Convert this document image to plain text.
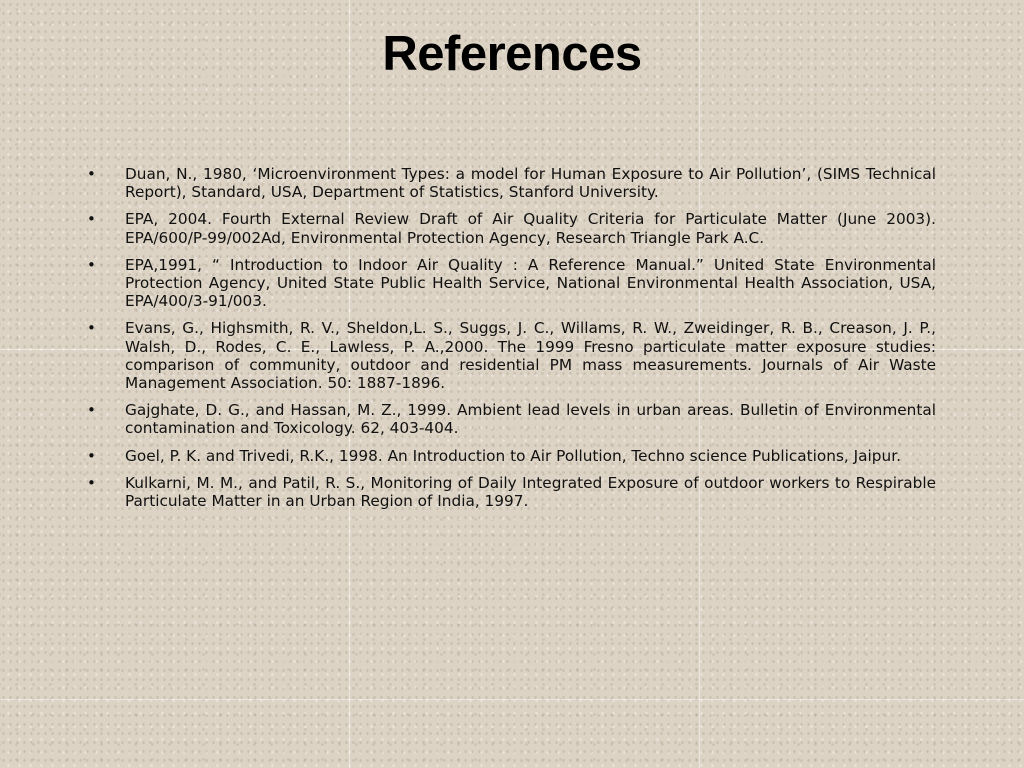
References
• Duan, N., 1980, ‘Microenvironment Types: a model for Human Exposure to Air Pollution’, (SIMS Technical Report), Standard, USA, Department of Statistics, Stanford University.
• EPA, 2004. Fourth External Review Draft of Air Quality Criteria for Particulate Matter (June 2003). EPA/600/P-99/002Ad, Environmental Protection Agency, Research Triangle Park A.C.
• EPA,1991, “ Introduction to Indoor Air Quality : A Reference Manual.” United State Environmental Protection Agency, United State Public Health Service, National Environmental Health Association, USA, EPA/400/3-91/003.
• Evans, G., Highsmith, R. V., Sheldon,L. S., Suggs, J. C., Willams, R. W., Zweidinger, R. B., Creason, J. P., Walsh, D., Rodes, C. E., Lawless, P. A.,2000. The 1999 Fresno particulate matter exposure studies: comparison of community, outdoor and residential PM mass measurements. Journals of Air Waste Management Association. 50: 1887-1896.
• Gajghate, D. G., and Hassan, M. Z., 1999. Ambient lead levels in urban areas. Bulletin of Environmental contamination and Toxicology. 62, 403-404.
• Goel, P. K. and Trivedi, R.K., 1998. An Introduction to Air Pollution, Techno science Publications, Jaipur.
• Kulkarni, M. M., and Patil, R. S., Monitoring of Daily Integrated Exposure of outdoor workers to Respirable Particulate Matter in an Urban Region of India, 1997.
